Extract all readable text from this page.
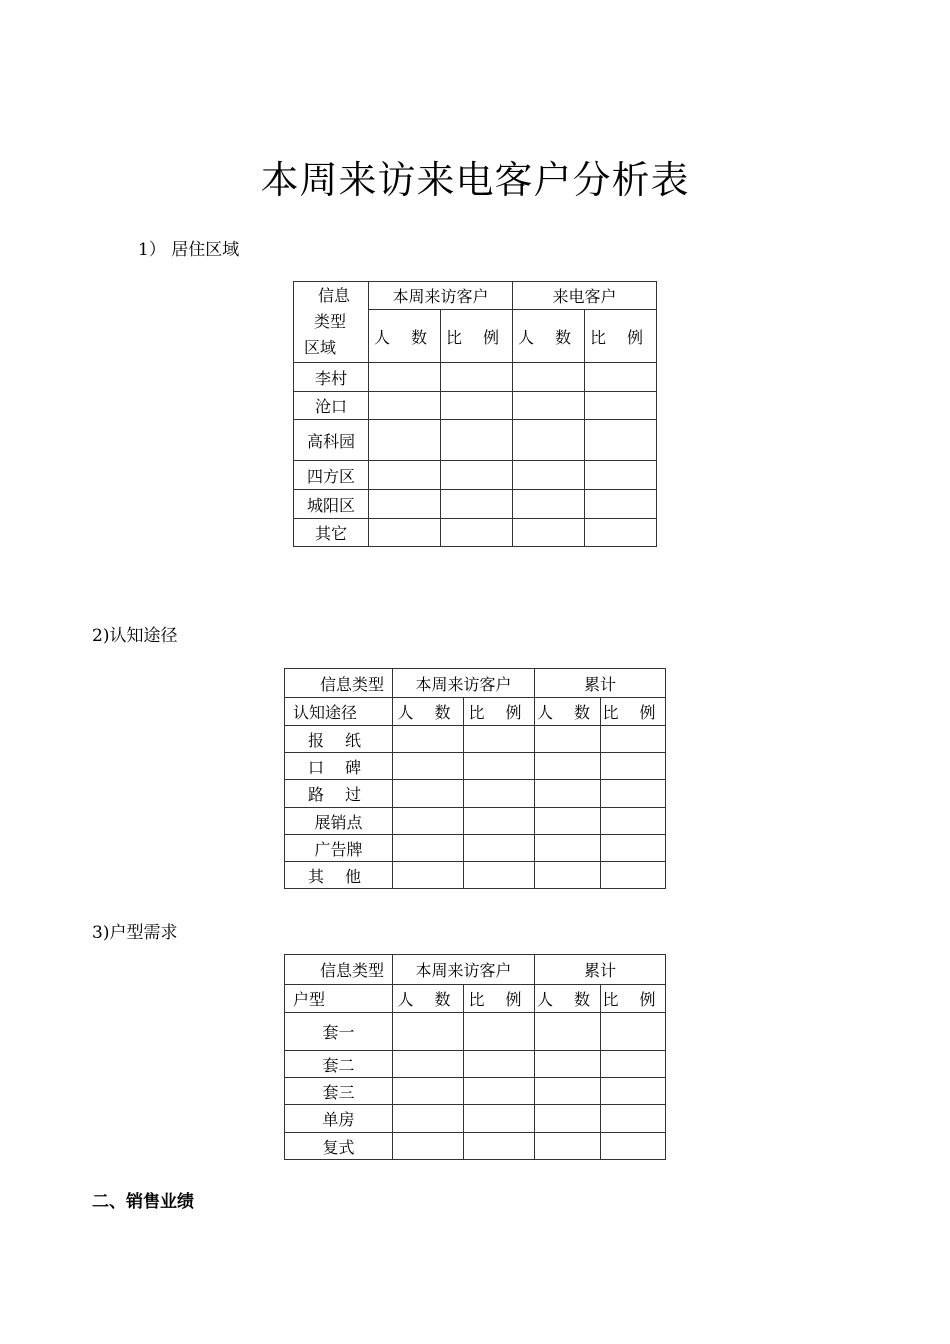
本周来访来电客户分析表
1） 居住区域
信息
类型
区域	本周来访客户		来电客户	
	人 数	比 例	人 数	比 例
李村				
沧口				
高科园				
四方区				
城阳区				
其它				
2)认知途径
信息类型	本周来访客户		累计	
认知途径	人 数	比 例	人 数	比 例
报 纸				
口 碑				
路 过				
展销点				
广告牌				
其 他				
3)户型需求
信息类型	本周来访客户		累计	
户型	人 数	比 例	人 数	比 例
套一				
套二				
套三				
单房				
复式				
二、销售业绩
